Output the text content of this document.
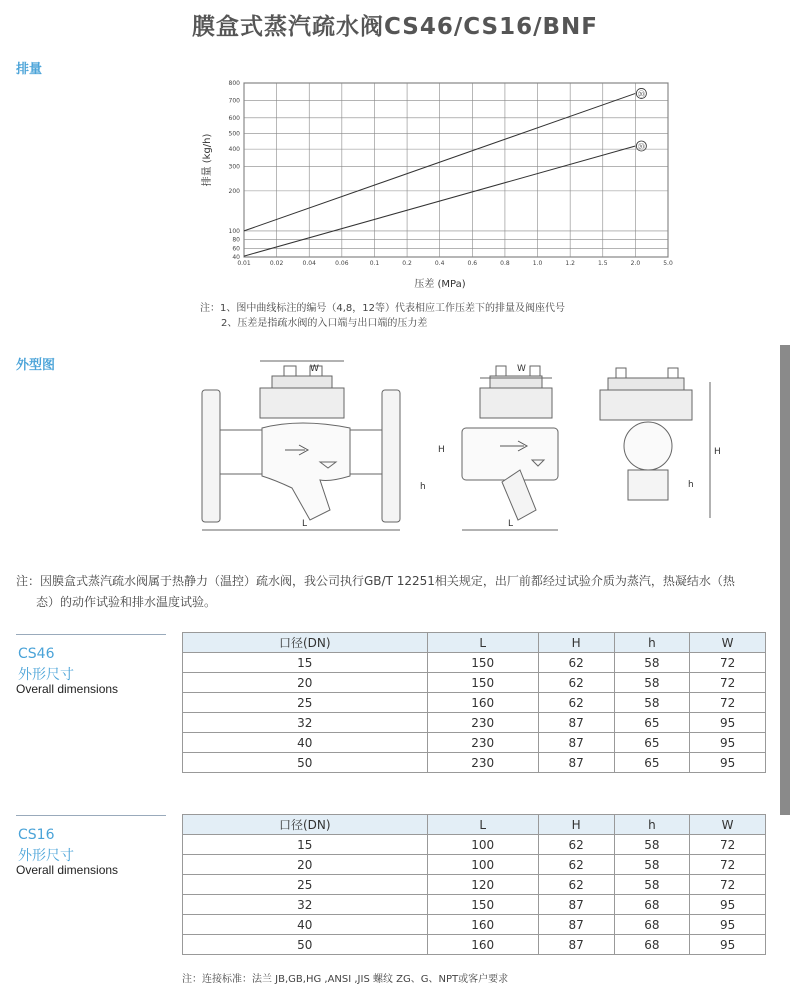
膜盒式蒸汽疏水阀CS46/CS16/BNF
排量
40
60
80
100
200
300
400
500
600
700
800
0.01	0.02	0.04	0.06	0.1	0.2	0.4	0.6	0.8	1.0	1.2	1.5	2.0	5.0
⑳
⑳
排量 (kg/h)
压差 (MPa)
注：1、图中曲线标注的编号（4,8，12等）代表相应工作压差下的排量及阀座代号
2、压差是指疏水阀的入口端与出口端的压力差
外型图
L	L
H
W	W
H
h	h
注：因膜盒式蒸汽疏水阀属于热静力（温控）疏水阀，我公司执行GB/T 12251相关规定，出厂前都经过试验介质为蒸汽，热凝结水（热
态）的动作试验和排水温度试验。
CS46
外形尺寸
Overall dimensions
口径(DN)	L	H	h	W
15	150	62	58	72
20	150	62	58	72
25	160	62	58	72
32	230	87	65	95
40	230	87	65	95
50	230	87	65	95
CS16
外形尺寸
Overall dimensions
口径(DN)	L	H	h	W
15	100	62	58	72
20	100	62	58	72
25	120	62	58	72
32	150	87	68	95
40	160	87	68	95
50	160	87	68	95
注：连接标准：法兰 JB,GB,HG ,ANSI ,JIS 螺纹 ZG、G、NPT或客户要求
